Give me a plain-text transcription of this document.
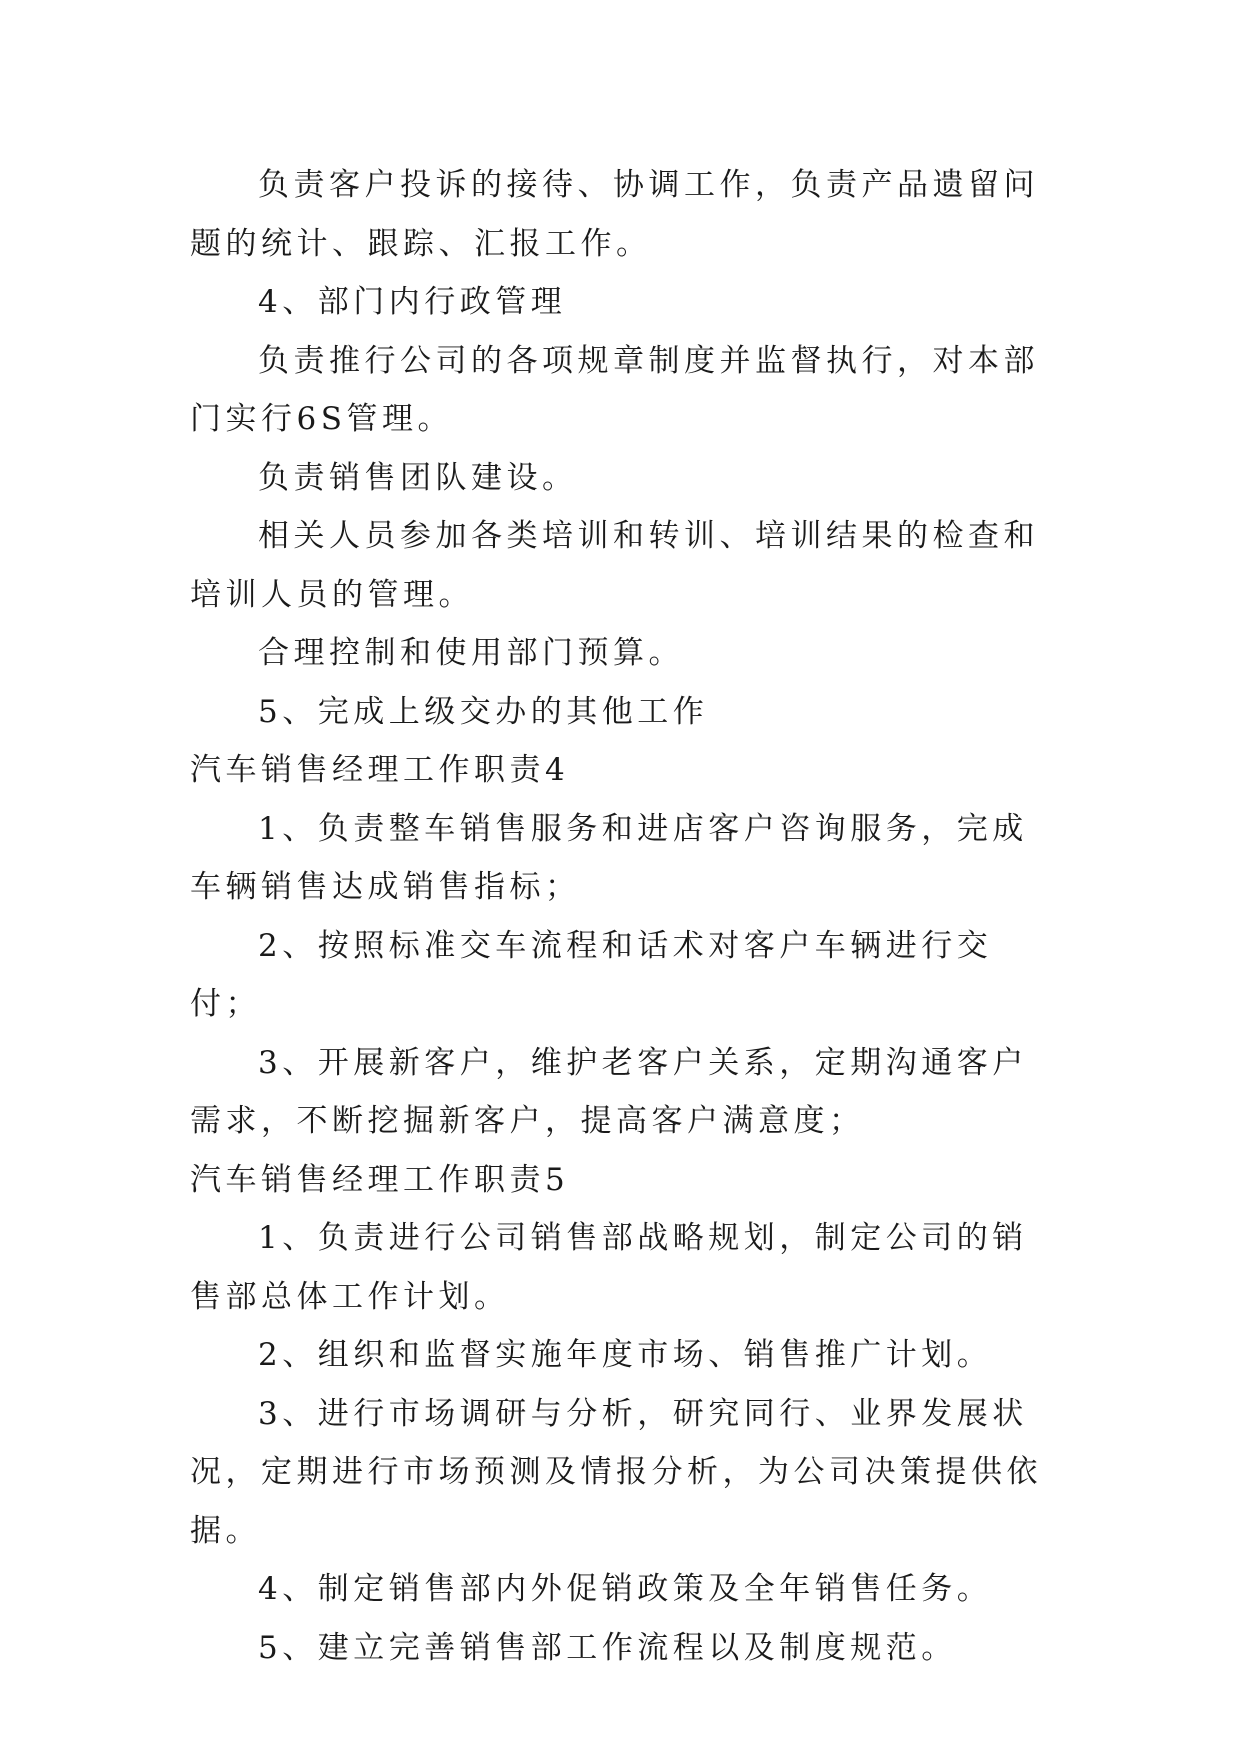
负责客户投诉的接待、协调工作，负责产品遗留问题的统计、跟踪、汇报工作。

4、部门内行政管理

负责推行公司的各项规章制度并监督执行，对本部门实行6S管理。

负责销售团队建设。

相关人员参加各类培训和转训、培训结果的检查和培训人员的管理。

合理控制和使用部门预算。

5、完成上级交办的其他工作

汽车销售经理工作职责4

1、负责整车销售服务和进店客户咨询服务，完成车辆销售达成销售指标；

2、按照标准交车流程和话术对客户车辆进行交付；

3、开展新客户，维护老客户关系，定期沟通客户需求，不断挖掘新客户，提高客户满意度；

汽车销售经理工作职责5

1、负责进行公司销售部战略规划，制定公司的销售部总体工作计划。

2、组织和监督实施年度市场、销售推广计划。

3、进行市场调研与分析，研究同行、业界发展状况，定期进行市场预测及情报分析，为公司决策提供依据。

4、制定销售部内外促销政策及全年销售任务。

5、建立完善销售部工作流程以及制度规范。
